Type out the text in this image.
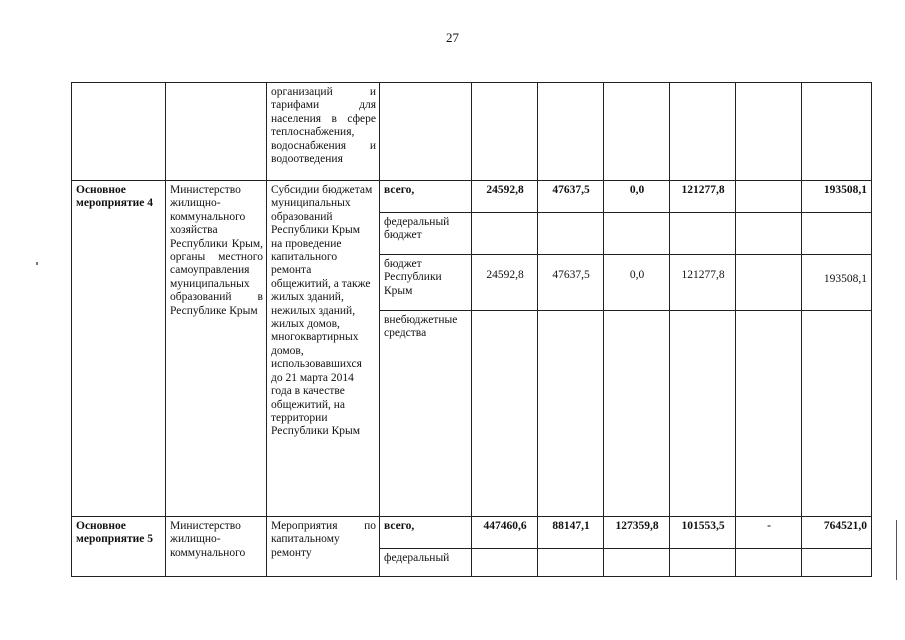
27
		организаций и тарифами для населения в сфере теплоснабжения, водоснабжения и водоотведения							
Основное мероприятие 4	Министерство жилищно-коммунального хозяйства Республики Крым, органы местного самоуправления муниципальных образований в Республике Крым	Субсидии бюджетам муниципальных образований Республики Крым на проведение капитального ремонта общежитий, а также жилых зданий, нежилых зданий, жилых домов, многоквартирных домов, использовавшихся до 21 марта 2014 года в качестве общежитий, на территории Республики Крым	всего,	24592,8	47637,5	0,0	121277,8		193508,1
			федеральный бюджет						
			бюджет Республики Крым	24592,8	47637,5	0,0	121277,8		193508,1
			внебюджетные средства						
Основное мероприятие 5	Министерство жилищно-коммунального	Мероприятия по капитальному ремонту	всего,	447460,6	88147,1	127359,8	101553,5	-	764521,0
			федеральный						
